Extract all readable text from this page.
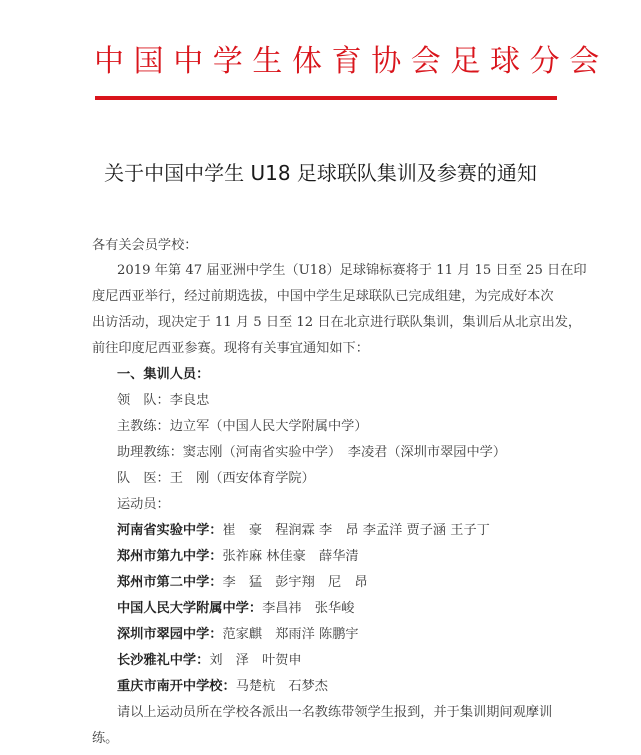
中国中学生体育协会足球分会
关于中国中学生 U18 足球联队集训及参赛的通知
各有关会员学校：
2019 年第 47 届亚洲中学生（U18）足球锦标赛将于 11 月 15 日至 25 日在印
度尼西亚举行，经过前期选拔，中国中学生足球联队已完成组建，为完成好本次
出访活动，现决定于 11 月 5 日至 12 日在北京进行联队集训，集训后从北京出发，
前往印度尼西亚参赛。现将有关事宜通知如下：
一、集训人员：
领　队：李良忠
主教练：边立军（中国人民大学附属中学）
助理教练：窦志刚（河南省实验中学）　李凌君（深圳市翠园中学）
队　医：王　刚（西安体育学院）
运动员：
河南省实验中学：崔　豪　程润霖 李　昂 李孟洋 贾子涵 王子丁
郑州市第九中学：张祚麻 林佳豪　薛华清
郑州市第二中学：李　猛　彭宇翔　尼　昂
中国人民大学附属中学：李昌祎　张华峻
深圳市翠园中学：范家麒　郑雨洋 陈鹏宇
长沙雅礼中学：刘　泽　叶贺申
重庆市南开中学校：马楚杭　石梦杰
请以上运动员所在学校各派出一名教练带领学生报到，并于集训期间观摩训
练。
